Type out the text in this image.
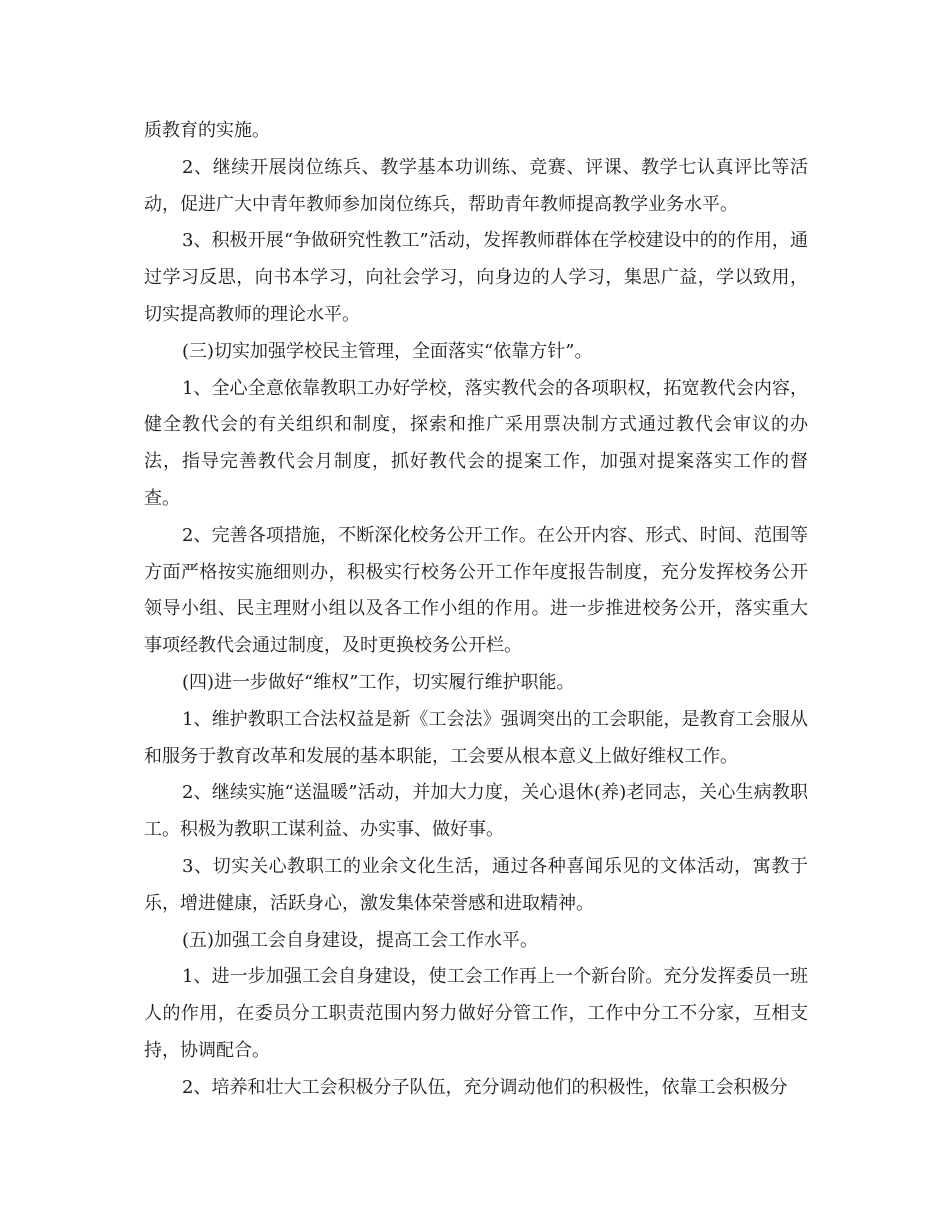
质教育的实施。

2、继续开展岗位练兵、教学基本功训练、竞赛、评课、教学七认真评比等活动，促进广大中青年教师参加岗位练兵，帮助青年教师提高教学业务水平。

3、积极开展“争做研究性教工”活动，发挥教师群体在学校建设中的的作用，通过学习反思，向书本学习，向社会学习，向身边的人学习，集思广益，学以致用，切实提高教师的理论水平。

(三)切实加强学校民主管理，全面落实“依靠方针”。

1、全心全意依靠教职工办好学校，落实教代会的各项职权，拓宽教代会内容，健全教代会的有关组织和制度，探索和推广采用票决制方式通过教代会审议的办法，指导完善教代会月制度，抓好教代会的提案工作，加强对提案落实工作的督查。

2、完善各项措施，不断深化校务公开工作。在公开内容、形式、时间、范围等方面严格按实施细则办，积极实行校务公开工作年度报告制度，充分发挥校务公开领导小组、民主理财小组以及各工作小组的作用。进一步推进校务公开，落实重大事项经教代会通过制度，及时更换校务公开栏。

(四)进一步做好“维权”工作，切实履行维护职能。

1、维护教职工合法权益是新《工会法》强调突出的工会职能，是教育工会服从和服务于教育改革和发展的基本职能，工会要从根本意义上做好维权工作。

2、继续实施“送温暖”活动，并加大力度，关心退休(养)老同志，关心生病教职工。积极为教职工谋利益、办实事、做好事。

3、切实关心教职工的业余文化生活，通过各种喜闻乐见的文体活动，寓教于乐，增进健康，活跃身心，激发集体荣誉感和进取精神。

(五)加强工会自身建设，提高工会工作水平。

1、进一步加强工会自身建设，使工会工作再上一个新台阶。充分发挥委员一班人的作用，在委员分工职责范围内努力做好分管工作，工作中分工不分家，互相支持，协调配合。

2、培养和壮大工会积极分子队伍，充分调动他们的积极性，依靠工会积极分
